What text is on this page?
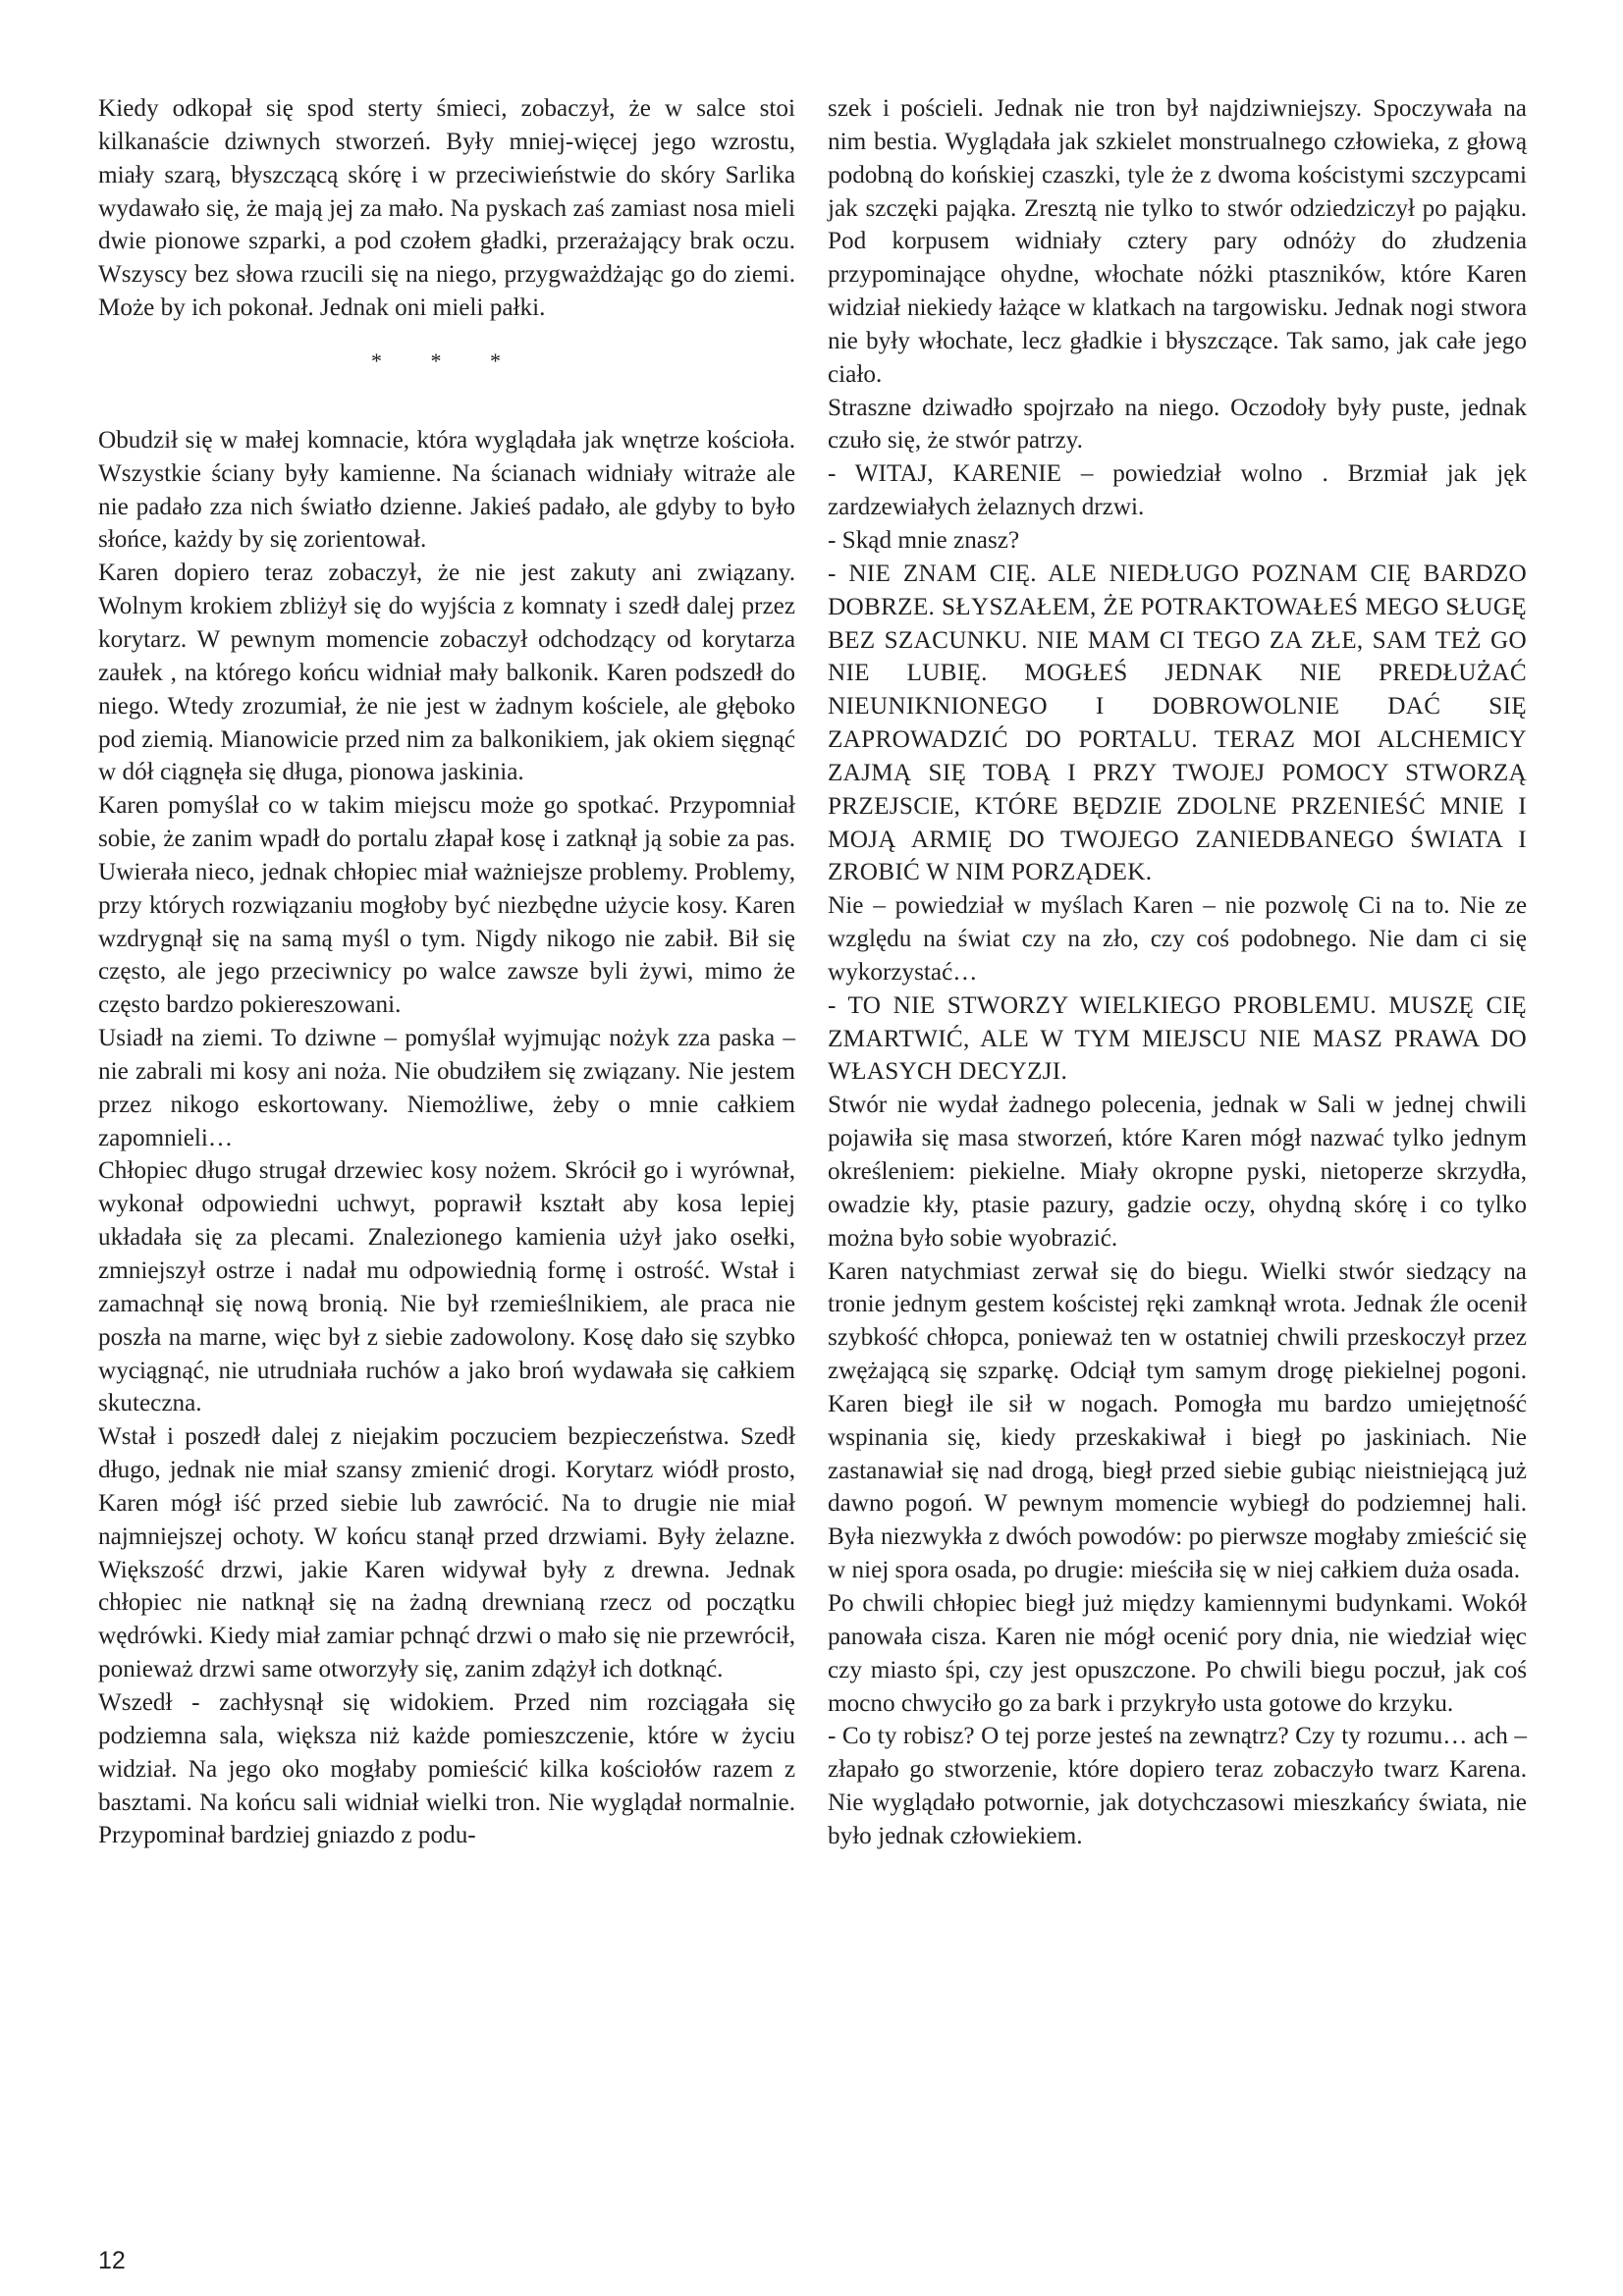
Kiedy odkopał się spod sterty śmieci, zobaczył, że w salce stoi kilkanaście dziwnych stworzeń. Były mniej-więcej jego wzrostu, miały szarą, błyszczącą skórę i w przeciwieństwie do skóry Sarlika wydawało się, że mają jej za mało. Na pyskach zaś zamiast nosa mieli dwie pionowe szparki, a pod czołem gładki, przerażający brak oczu. Wszyscy bez słowa rzucili się na niego, przygważdżając go do ziemi. Może by ich pokonał. Jednak oni mieli pałki.

* * *

Obudził się w małej komnacie, która wyglądała jak wnętrze kościoła. Wszystkie ściany były kamienne. Na ścianach widniały witraże ale nie padało zza nich światło dzienne. Jakieś padało, ale gdyby to było słońce, każdy by się zorientował.

Karen dopiero teraz zobaczył, że nie jest zakuty ani związany. Wolnym krokiem zbliżył się do wyjścia z komnaty i szedł dalej przez korytarz. W pewnym momencie zobaczył odchodzący od korytarza zaułek , na którego końcu widniał mały balkonik. Karen podszedł do niego. Wtedy zrozumiał, że nie jest w żadnym kościele, ale głęboko pod ziemią. Mianowicie przed nim za balkonikiem, jak okiem sięgnąć w dół ciągnęła się długa, pionowa jaskinia.

Karen pomyślał co w takim miejscu może go spotkać. Przypomniał sobie, że zanim wpadł do portalu złapał kosę i zatknął ją sobie za pas. Uwierała nieco, jednak chłopiec miał ważniejsze problemy. Problemy, przy których rozwiązaniu mogłoby być niezbędne użycie kosy. Karen wzdrygnął się na samą myśl o tym. Nigdy nikogo nie zabił. Bił się często, ale jego przeciwnicy po walce zawsze byli żywi, mimo że często bardzo pokiereszowani.

Usiadł na ziemi. To dziwne – pomyślał wyjmując nożyk zza paska – nie zabrali mi kosy ani noża. Nie obudziłem się związany. Nie jestem przez nikogo eskortowany. Niemożliwe, żeby o mnie całkiem zapomnieli…

Chłopiec długo strugał drzewiec kosy nożem. Skrócił go i wyrównał, wykonał odpowiedni uchwyt, poprawił kształt aby kosa lepiej układała się za plecami. Znalezionego kamienia użył jako osełki, zmniejszył ostrze i nadał mu odpowiednią formę i ostrość. Wstał i zamachnął się nową bronią. Nie był rzemieślnikiem, ale praca nie poszła na marne, więc był z siebie zadowolony. Kosę dało się szybko wyciągnąć, nie utrudniała ruchów a jako broń wydawała się całkiem skuteczna.

Wstał i poszedł dalej z niejakim poczuciem bezpieczeństwa. Szedł długo, jednak nie miał szansy zmienić drogi. Korytarz wiódł prosto, Karen mógł iść przed siebie lub zawrócić. Na to drugie nie miał najmniejszej ochoty. W końcu stanął przed drzwiami. Były żelazne. Większość drzwi, jakie Karen widywał były z drewna. Jednak chłopiec nie natknął się na żadną drewnianą rzecz od początku wędrówki. Kiedy miał zamiar pchnąć drzwi o mało się nie przewrócił, ponieważ drzwi same otworzyły się, zanim zdążył ich dotknąć.

Wszedł - zachłysnął się widokiem. Przed nim rozciągała się podziemna sala, większa niż każde pomieszczenie, które w życiu widział. Na jego oko mogłaby pomieścić kilka kościołów razem z basztami. Na końcu sali widniał wielki tron. Nie wyglądał normalnie. Przypominał bardziej gniazdo z podu-

szek i pościeli. Jednak nie tron był najdziwniejszy. Spoczywała na nim bestia. Wyglądała jak szkielet monstrualnego człowieka, z głową podobną do końskiej czaszki, tyle że z dwoma kościstymi szczypcami jak szczęki pająka. Zresztą nie tylko to stwór odziedziczył po pająku. Pod korpusem widniały cztery pary odnóży do złudzenia przypominające ohydne, włochate nóżki ptaszników, które Karen widział niekiedy łażące w klatkach na targowisku. Jednak nogi stwora nie były włochate, lecz gładkie i błyszczące. Tak samo, jak całe jego ciało.

Straszne dziwadło spojrzało na niego. Oczodoły były puste, jednak czuło się, że stwór patrzy.

- WITAJ, KARENIE – powiedział wolno . Brzmiał jak jęk zardzewiałych żelaznych drzwi.

- Skąd mnie znasz?

- NIE ZNAM CIĘ. ALE NIEDŁUGO POZNAM CIĘ BARDZO DOBRZE. SŁYSZAŁEM, ŻE POTRAKTOWAŁEŚ MEGO SŁUGĘ BEZ SZACUNKU. NIE MAM CI TEGO ZA ZŁE, SAM TEŻ GO NIE LUBIĘ. MOGŁEŚ JEDNAK NIE PREDŁUŻAĆ NIEUNIKNIONEGO I DOBROWOLNIE DAĆ SIĘ ZAPROWADZIĆ DO PORTALU. TERAZ MOI ALCHEMICY ZAJMĄ SIĘ TOBĄ I PRZY TWOJEJ POMOCY STWORZĄ PRZEJSCIE, KTÓRE BĘDZIE ZDOLNE PRZENIEŚĆ MNIE I MOJĄ ARMIĘ DO TWOJEGO ZANIEDBANEGO ŚWIATA I ZROBIĆ W NIM PORZĄDEK.

Nie – powiedział w myślach Karen – nie pozwolę Ci na to. Nie ze względu na świat czy na zło, czy coś podobnego. Nie dam ci się wykorzystać…

- TO NIE STWORZY WIELKIEGO PROBLEMU. MUSZĘ CIĘ ZMARTWIĆ, ALE W TYM MIEJSCU NIE MASZ PRAWA DO WŁASYCH DECYZJI.

Stwór nie wydał żadnego polecenia, jednak w Sali w jednej chwili pojawiła się masa stworzeń, które Karen mógł nazwać tylko jednym określeniem: piekielne. Miały okropne pyski, nietoperze skrzydła, owadzie kły, ptasie pazury, gadzie oczy, ohydną skórę i co tylko można było sobie wyobrazić.

Karen natychmiast zerwał się do biegu. Wielki stwór siedzący na tronie jednym gestem kościstej ręki zamknął wrota. Jednak źle ocenił szybkość chłopca, ponieważ ten w ostatniej chwili przeskoczył przez zwężającą się szparkę. Odciął tym samym drogę piekielnej pogoni. Karen biegł ile sił w nogach. Pomogła mu bardzo umiejętność wspinania się, kiedy przeskakiwał i biegł po jaskiniach. Nie zastanawiał się nad drogą, biegł przed siebie gubiąc nieistniejącą już dawno pogoń. W pewnym momencie wybiegł do podziemnej hali. Była niezwykła z dwóch powodów: po pierwsze mogłaby zmieścić się w niej spora osada, po drugie: mieściła się w niej całkiem duża osada.

Po chwili chłopiec biegł już między kamiennymi budynkami. Wokół panowała cisza. Karen nie mógł ocenić pory dnia, nie wiedział więc czy miasto śpi, czy jest opuszczone. Po chwili biegu poczuł, jak coś mocno chwyciło go za bark i przykryło usta gotowe do krzyku.

- Co ty robisz? O tej porze jesteś na zewnątrz? Czy ty rozumu… ach – złapało go stworzenie, które dopiero teraz zobaczyło twarz Karena. Nie wyglądało potwornie, jak dotychczasowi mieszkańcy świata, nie było jednak człowiekiem.

12
